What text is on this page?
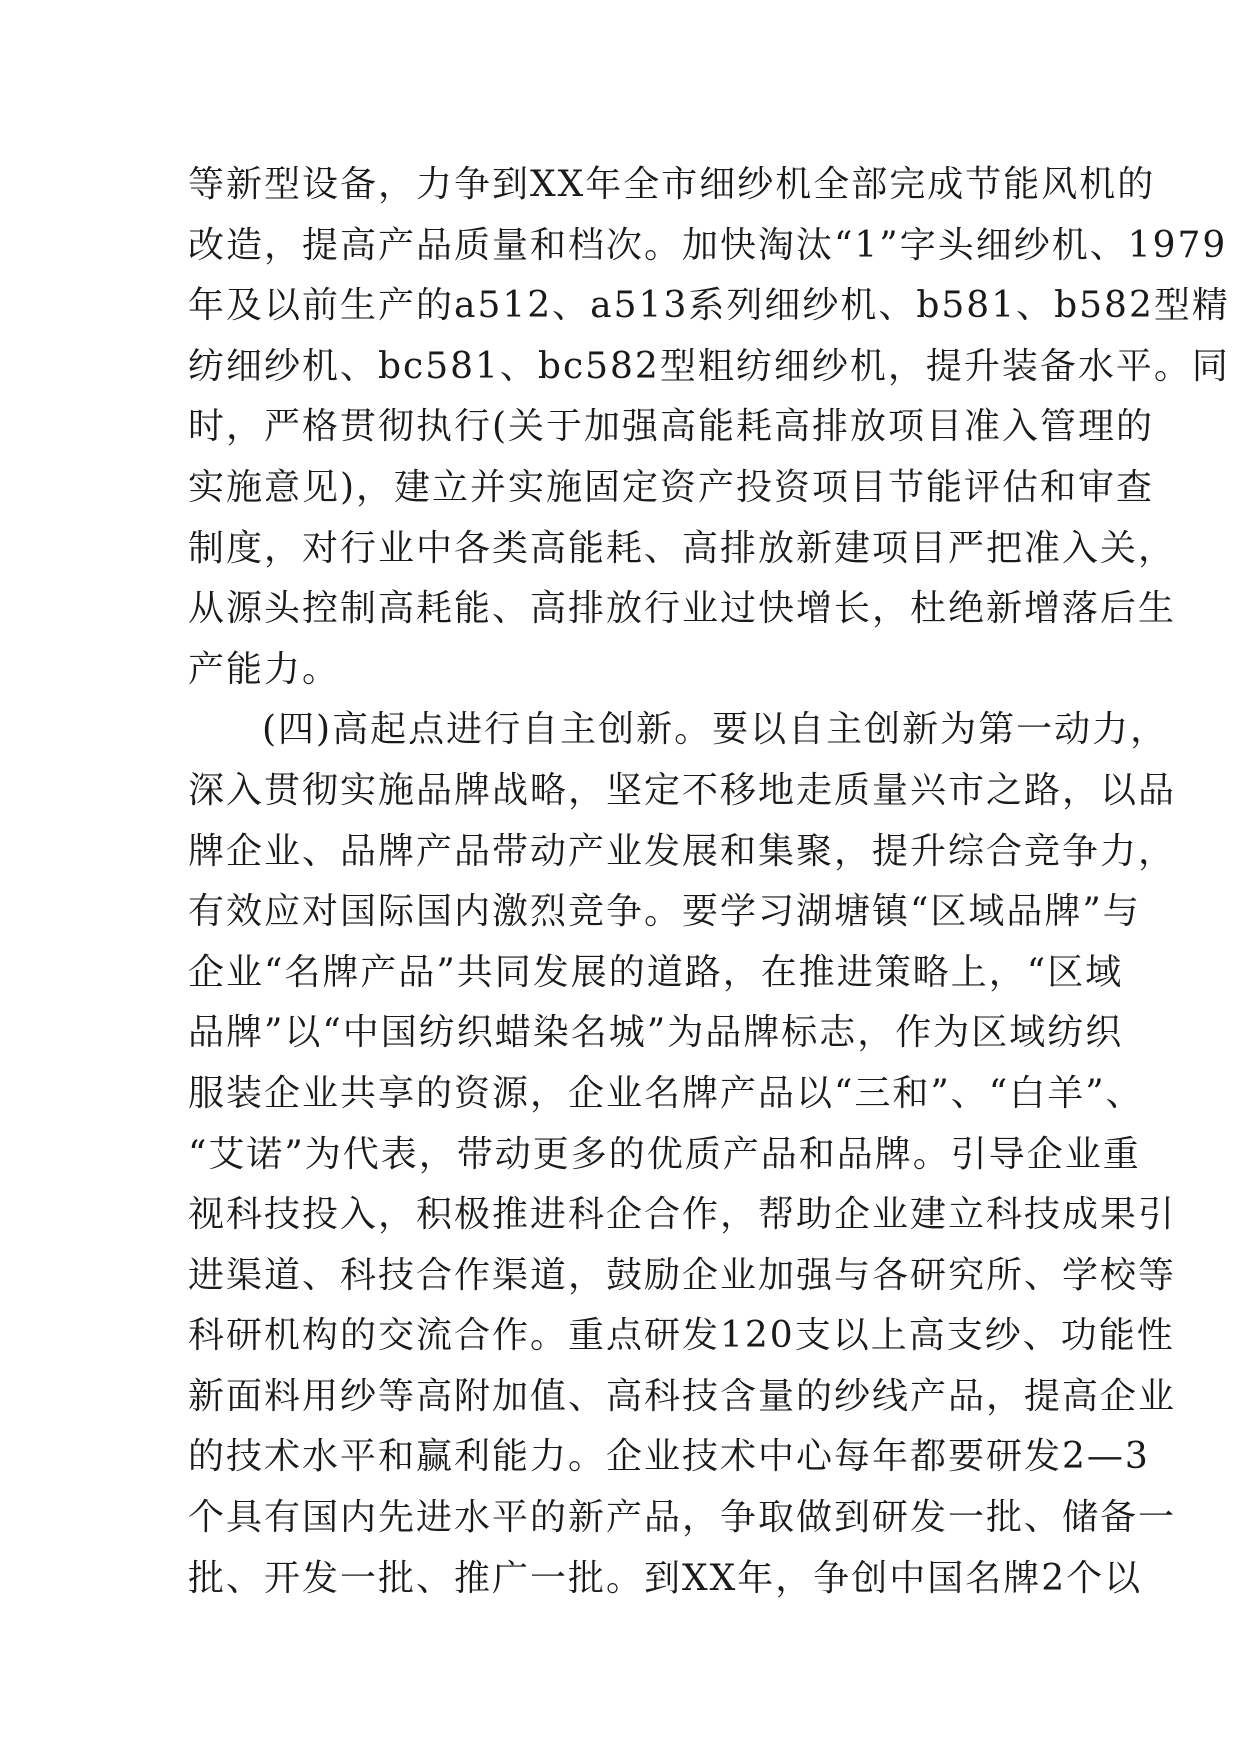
等新型设备，力争到XX年全市细纱机全部完成节能风机的
改造，提高产品质量和档次。加快淘汰“1”字头细纱机、1979
年及以前生产的a512、a513系列细纱机、b581、b582型精
纺细纱机、bc581、bc582型粗纺细纱机，提升装备水平。同
时，严格贯彻执行(关于加强高能耗高排放项目准入管理的
实施意见)，建立并实施固定资产投资项目节能评估和审查
制度，对行业中各类高能耗、高排放新建项目严把准入关，
从源头控制高耗能、高排放行业过快增长，杜绝新增落后生
产能力。
(四)高起点进行自主创新。要以自主创新为第一动力，
深入贯彻实施品牌战略，坚定不移地走质量兴市之路，以品
牌企业、品牌产品带动产业发展和集聚，提升综合竞争力，
有效应对国际国内激烈竞争。要学习湖塘镇“区域品牌”与
企业“名牌产品”共同发展的道路，在推进策略上，“区域
品牌”以“中国纺织蜡染名城”为品牌标志，作为区域纺织
服装企业共享的资源，企业名牌产品以“三和”、“白羊”、
“艾诺”为代表，带动更多的优质产品和品牌。引导企业重
视科技投入，积极推进科企合作，帮助企业建立科技成果引
进渠道、科技合作渠道，鼓励企业加强与各研究所、学校等
科研机构的交流合作。重点研发120支以上高支纱、功能性
新面料用纱等高附加值、高科技含量的纱线产品，提高企业
的技术水平和赢利能力。企业技术中心每年都要研发2—3
个具有国内先进水平的新产品，争取做到研发一批、储备一
批、开发一批、推广一批。到XX年，争创中国名牌2个以
